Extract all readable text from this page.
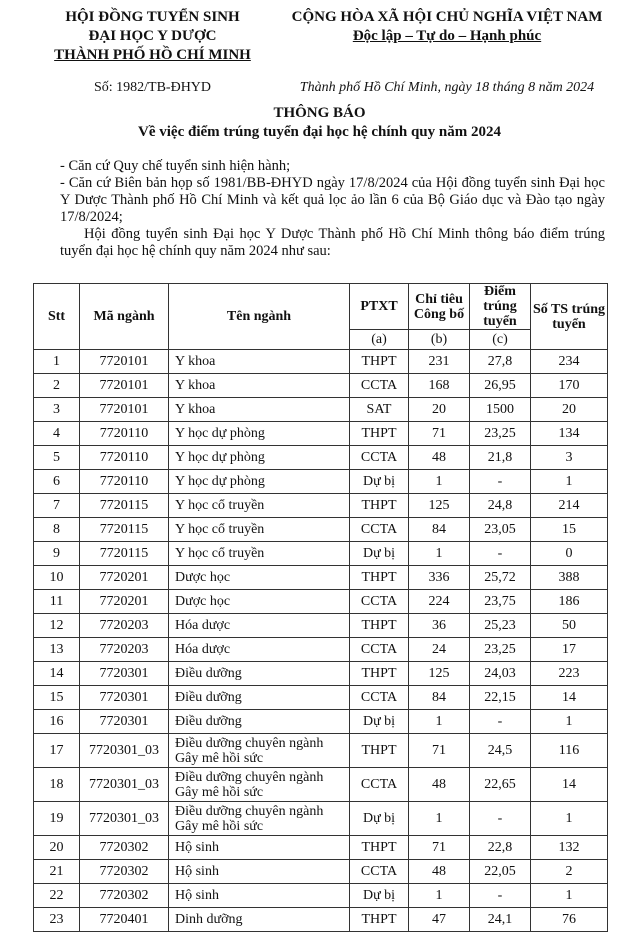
HỘI ĐỒNG TUYỂN SINH
ĐẠI HỌC Y DƯỢC
THÀNH PHỐ HỒ CHÍ MINH
CỘNG HÒA XÃ HỘI CHỦ NGHĨA VIỆT NAM
Độc lập – Tự do – Hạnh phúc
Số: 1982/TB-ĐHYD	Thành phố Hồ Chí Minh, ngày 18 tháng 8 năm 2024
THÔNG BÁO
Về việc điểm trúng tuyển đại học hệ chính quy năm 2024

- Căn cứ Quy chế tuyển sinh hiện hành;

- Căn cứ Biên bản họp số 1981/BB-ĐHYD ngày 17/8/2024 của Hội đồng tuyển sinh Đại học Y Dược Thành phố Hồ Chí Minh và kết quả lọc ảo lần 6 của Bộ Giáo dục và Đào tạo ngày 17/8/2024;

Hội đồng tuyển sinh Đại học Y Dược Thành phố Hồ Chí Minh thông báo điểm trúng tuyển đại học hệ chính quy năm 2024 như sau:

Stt	Mã ngành	Tên ngành	PTXT	Chỉ tiêu Công bố	Điểm trúng tuyển	Số TS trúng tuyển
			(a)	(b)	(c)	
1	7720101	Y khoa	THPT	231	27,8	234
2	7720101	Y khoa	CCTA	168	26,95	170
3	7720101	Y khoa	SAT	20	1500	20
4	7720110	Y học dự phòng	THPT	71	23,25	134
5	7720110	Y học dự phòng	CCTA	48	21,8	3
6	7720110	Y học dự phòng	Dự bị	1	-	1
7	7720115	Y học cổ truyền	THPT	125	24,8	214
8	7720115	Y học cổ truyền	CCTA	84	23,05	15
9	7720115	Y học cổ truyền	Dự bị	1	-	0
10	7720201	Dược học	THPT	336	25,72	388
11	7720201	Dược học	CCTA	224	23,75	186
12	7720203	Hóa dược	THPT	36	25,23	50
13	7720203	Hóa dược	CCTA	24	23,25	17
14	7720301	Điều dưỡng	THPT	125	24,03	223
15	7720301	Điều dưỡng	CCTA	84	22,15	14
16	7720301	Điều dưỡng	Dự bị	1	-	1
17	7720301_03	Điều dưỡng chuyên ngành Gây mê hồi sức	THPT	71	24,5	116
18	7720301_03	Điều dưỡng chuyên ngành Gây mê hồi sức	CCTA	48	22,65	14
19	7720301_03	Điều dưỡng chuyên ngành Gây mê hồi sức	Dự bị	1	-	1
20	7720302	Hộ sinh	THPT	71	22,8	132
21	7720302	Hộ sinh	CCTA	48	22,05	2
22	7720302	Hộ sinh	Dự bị	1	-	1
23	7720401	Dinh dưỡng	THPT	47	24,1	76
